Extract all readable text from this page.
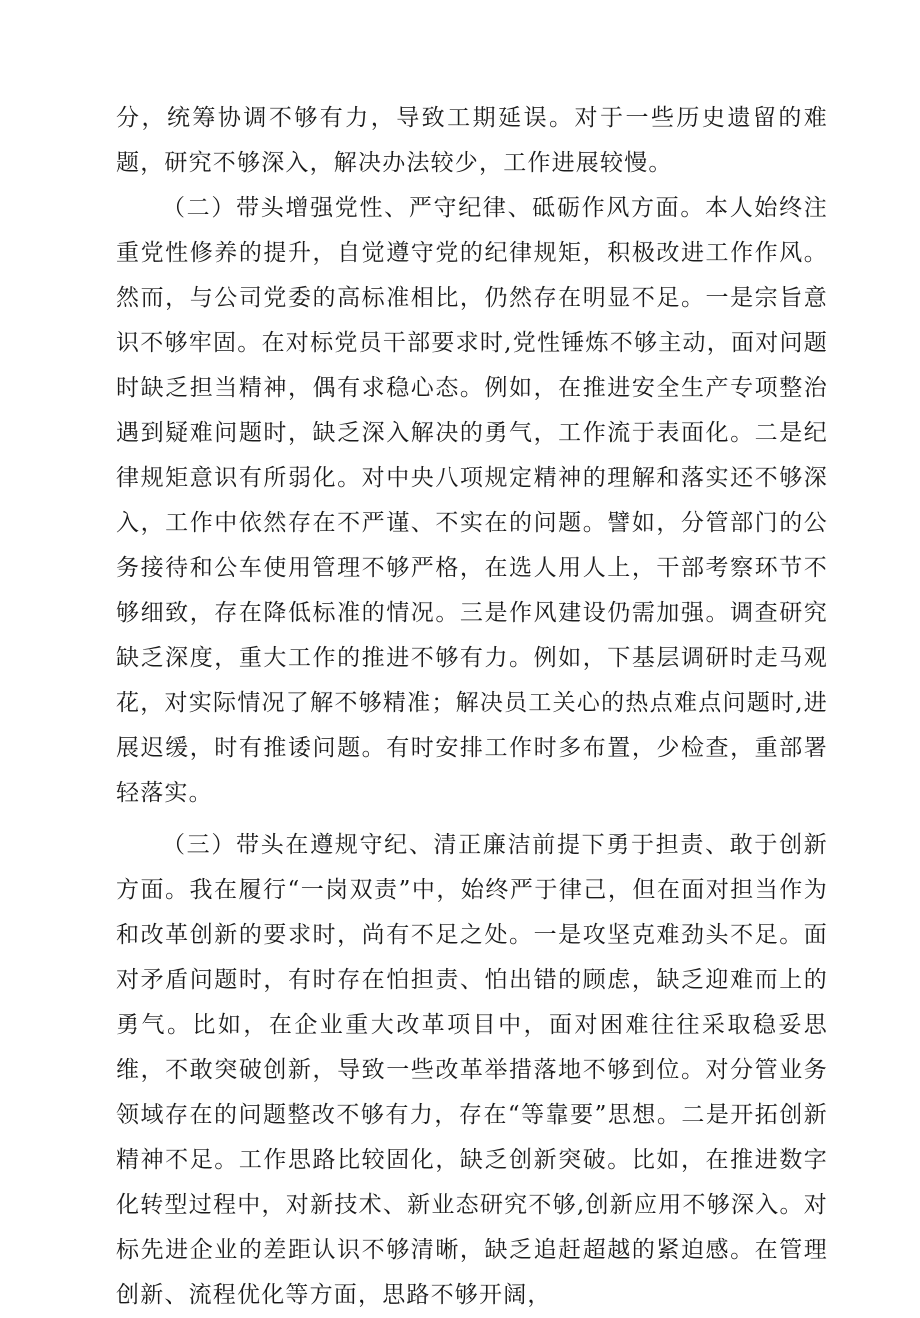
分，统筹协调不够有力，导致工期延误。对于一些历史遗留的难题，研究不够深入，解决办法较少，工作进展较慢。

（二）带头增强党性、严守纪律、砥砺作风方面。本人始终注重党性修养的提升，自觉遵守党的纪律规矩，积极改进工作作风。然而，与公司党委的高标准相比，仍然存在明显不足。一是宗旨意识不够牢固。在对标党员干部要求时,党性锤炼不够主动，面对问题时缺乏担当精神，偶有求稳心态。例如，在推进安全生产专项整治遇到疑难问题时，缺乏深入解决的勇气，工作流于表面化。二是纪律规矩意识有所弱化。对中央八项规定精神的理解和落实还不够深入，工作中依然存在不严谨、不实在的问题。譬如，分管部门的公务接待和公车使用管理不够严格，在选人用人上，干部考察环节不够细致，存在降低标准的情况。三是作风建设仍需加强。调查研究缺乏深度，重大工作的推进不够有力。例如，下基层调研时走马观花，对实际情况了解不够精准；解决员工关心的热点难点问题时,进展迟缓，时有推诿问题。有时安排工作时多布置，少检查，重部署轻落实。

（三）带头在遵规守纪、清正廉洁前提下勇于担责、敢于创新方面。我在履行“一岗双责”中，始终严于律己，但在面对担当作为和改革创新的要求时，尚有不足之处。一是攻坚克难劲头不足。面对矛盾问题时，有时存在怕担责、怕出错的顾虑，缺乏迎难而上的勇气。比如，在企业重大改革项目中，面对困难往往采取稳妥思维，不敢突破创新，导致一些改革举措落地不够到位。对分管业务领域存在的问题整改不够有力，存在“等靠要”思想。二是开拓创新精神不足。工作思路比较固化，缺乏创新突破。比如，在推进数字化转型过程中，对新技术、新业态研究不够,创新应用不够深入。对标先进企业的差距认识不够清晰，缺乏追赶超越的紧迫感。在管理创新、流程优化等方面，思路不够开阔，
